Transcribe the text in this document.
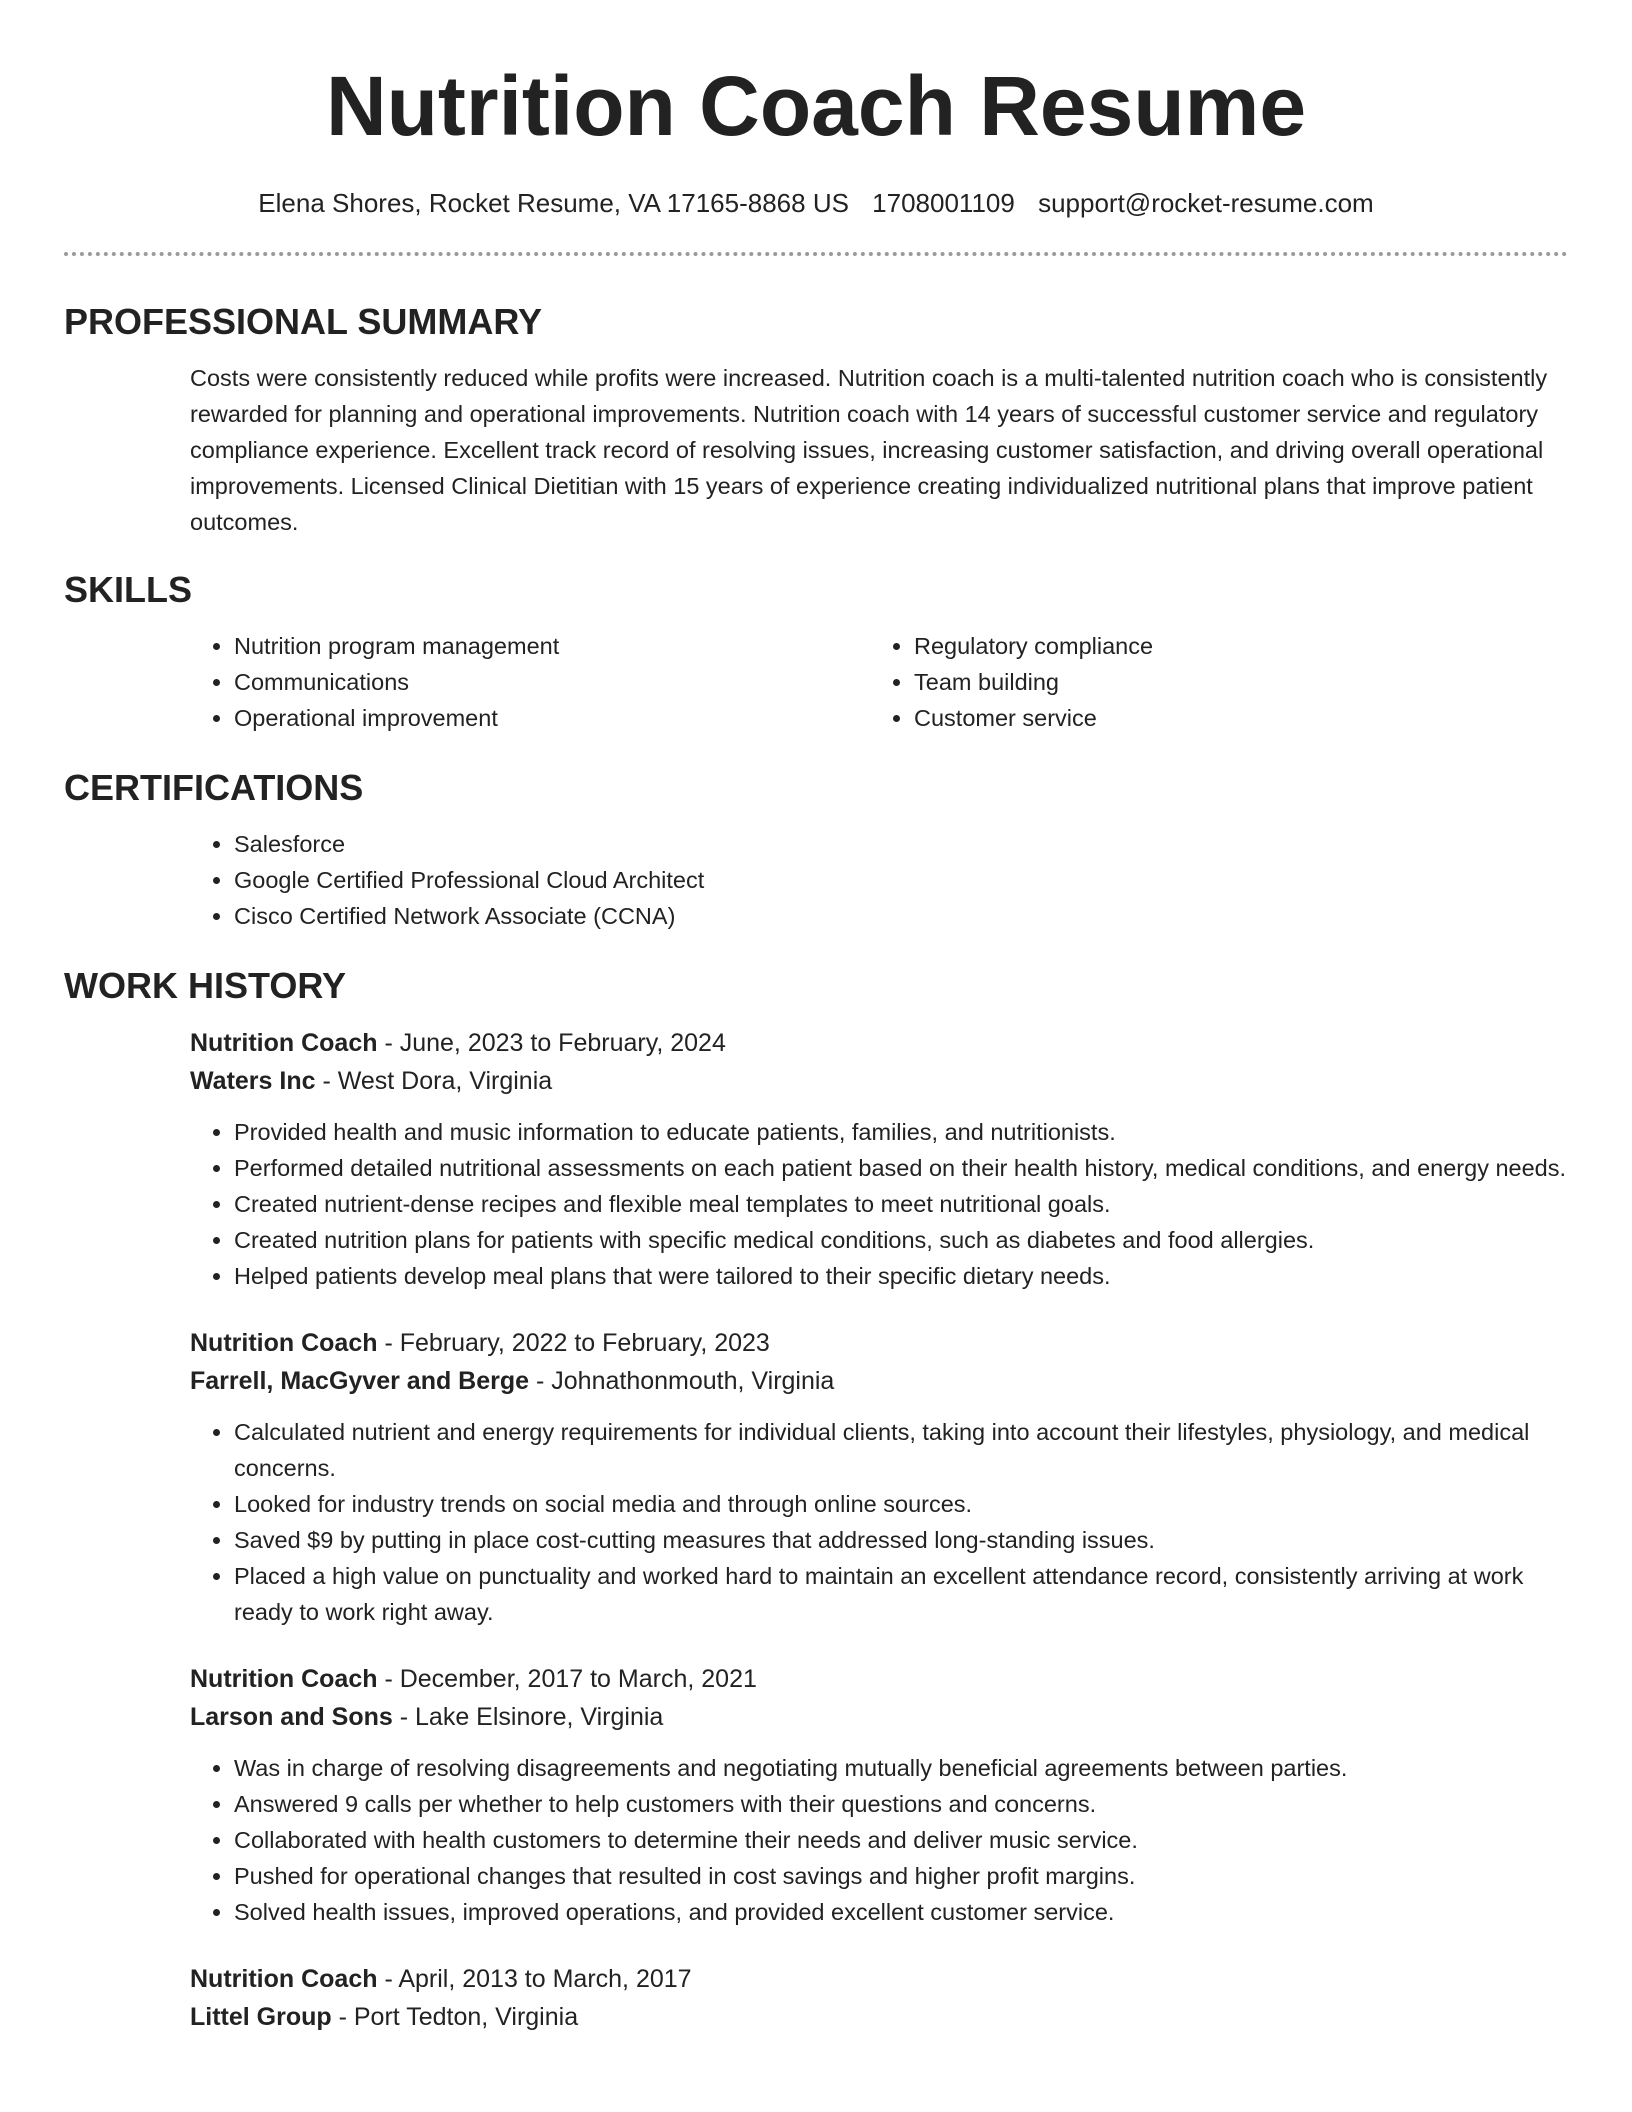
Nutrition Coach Resume
Elena Shores, Rocket Resume, VA 17165-8868 US 1708001109 support@rocket-resume.com
PROFESSIONAL SUMMARY

Costs were consistently reduced while profits were increased. Nutrition coach is a multi-talented nutrition coach who is consistently rewarded for planning and operational improvements. Nutrition coach with 14 years of successful customer service and regulatory compliance experience. Excellent track record of resolving issues, increasing customer satisfaction, and driving overall operational improvements. Licensed Clinical Dietitian with 15 years of experience creating individualized nutritional plans that improve patient outcomes.

SKILLS
• Nutrition program management
• Communications
• Operational improvement
• Regulatory compliance
• Team building
• Customer service
CERTIFICATIONS
• Salesforce
• Google Certified Professional Cloud Architect
• Cisco Certified Network Associate (CCNA)
WORK HISTORY

Nutrition Coach - June, 2023 to February, 2024

Waters Inc - West Dora, Virginia

• Provided health and music information to educate patients, families, and nutritionists.
• Performed detailed nutritional assessments on each patient based on their health history, medical conditions, and energy needs.
• Created nutrient-dense recipes and flexible meal templates to meet nutritional goals.
• Created nutrition plans for patients with specific medical conditions, such as diabetes and food allergies.
• Helped patients develop meal plans that were tailored to their specific dietary needs.

Nutrition Coach - February, 2022 to February, 2023

Farrell, MacGyver and Berge - Johnathonmouth, Virginia

• Calculated nutrient and energy requirements for individual clients, taking into account their lifestyles, physiology, and medical concerns.
• Looked for industry trends on social media and through online sources.
• Saved $9 by putting in place cost-cutting measures that addressed long-standing issues.
• Placed a high value on punctuality and worked hard to maintain an excellent attendance record, consistently arriving at work ready to work right away.

Nutrition Coach - December, 2017 to March, 2021

Larson and Sons - Lake Elsinore, Virginia

• Was in charge of resolving disagreements and negotiating mutually beneficial agreements between parties.
• Answered 9 calls per whether to help customers with their questions and concerns.
• Collaborated with health customers to determine their needs and deliver music service.
• Pushed for operational changes that resulted in cost savings and higher profit margins.
• Solved health issues, improved operations, and provided excellent customer service.

Nutrition Coach - April, 2013 to March, 2017

Littel Group - Port Tedton, Virginia
